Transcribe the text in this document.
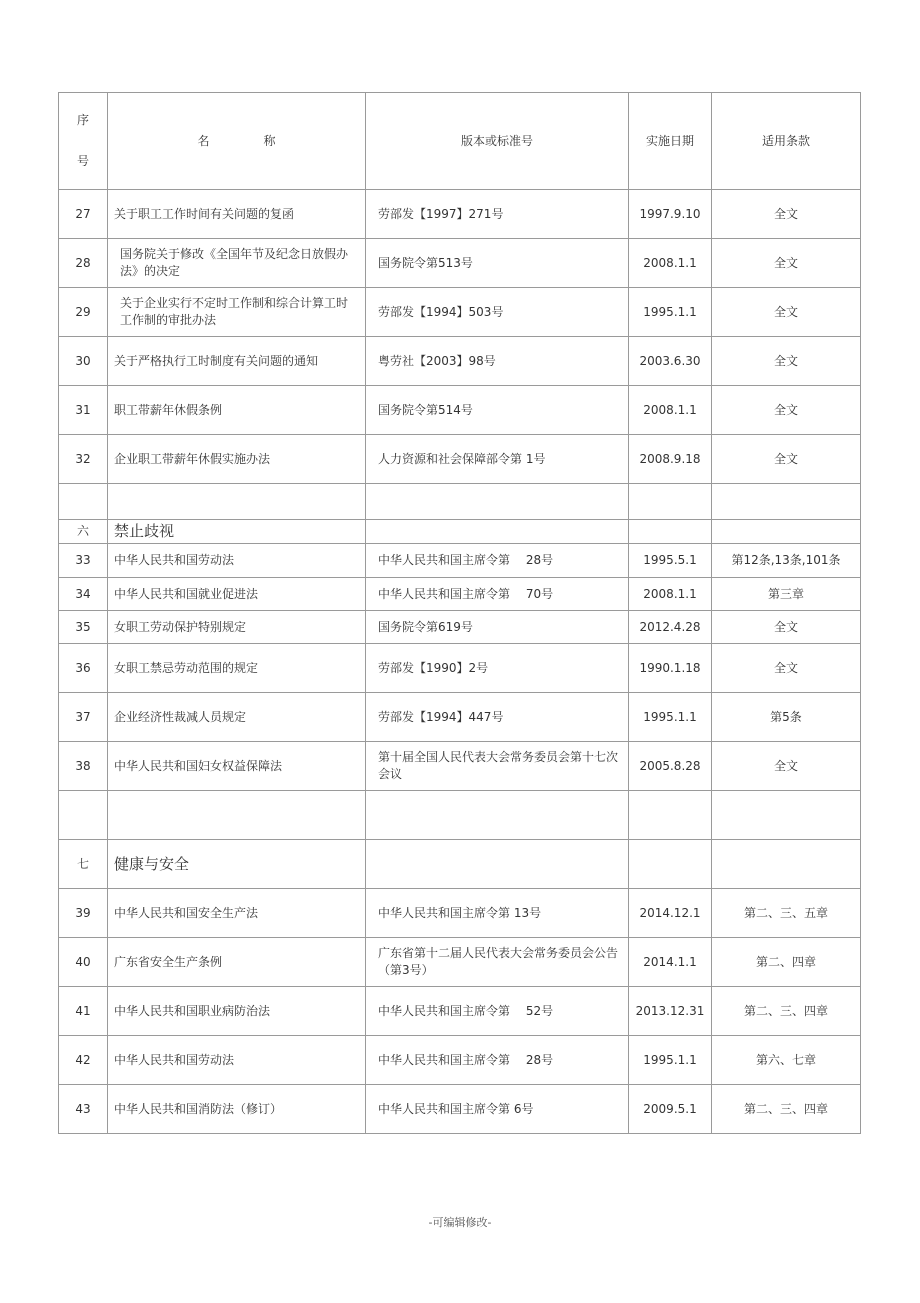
序
号	名 称	版本或标准号	实施日期	适用条款
27	关于职工工作时间有关问题的复函	劳部发【1997】271号	1997.9.10	全文
28	国务院关于修改《全国年节及纪念日放假办法》的决定	国务院令第513号	2008.1.1	全文
29	关于企业实行不定时工作制和综合计算工时工作制的审批办法	劳部发【1994】503号	1995.1.1	全文
30	关于严格执行工时制度有关问题的通知	粤劳社【2003】98号	2003.6.30	全文
31	职工带薪年休假条例	国务院令第514号	2008.1.1	全文
32	企业职工带薪年休假实施办法	人力资源和社会保障部令第 1号	2008.9.18	全文

六	禁止歧视			
33	中华人民共和国劳动法	中华人民共和国主席令第　 28号	1995.5.1	第12条,13条,101条
34	中华人民共和国就业促进法	中华人民共和国主席令第　 70号	2008.1.1	第三章
35	女职工劳动保护特别规定	国务院令第619号	2012.4.28	全文
36	女职工禁忌劳动范围的规定	劳部发【1990】2号	1990.1.18	全文
37	企业经济性裁减人员规定	劳部发【1994】447号	1995.1.1	第5条
38	中华人民共和国妇女权益保障法	第十届全国人民代表大会常务委员会第十七次会议	2005.8.28	全文

七	健康与安全			
39	中华人民共和国安全生产法	中华人民共和国主席令第 13号	2014.12.1	第二、三、五章
40	广东省安全生产条例	广东省第十二届人民代表大会常务委员会公告（第3号）	2014.1.1	第二、四章
41	中华人民共和国职业病防治法	中华人民共和国主席令第　 52号	2013.12.31	第二、三、四章
42	中华人民共和国劳动法	中华人民共和国主席令第　 28号	1995.1.1	第六、七章
43	中华人民共和国消防法（修订）	中华人民共和国主席令第 6号	2009.5.1	第二、三、四章
-可编辑修改-
